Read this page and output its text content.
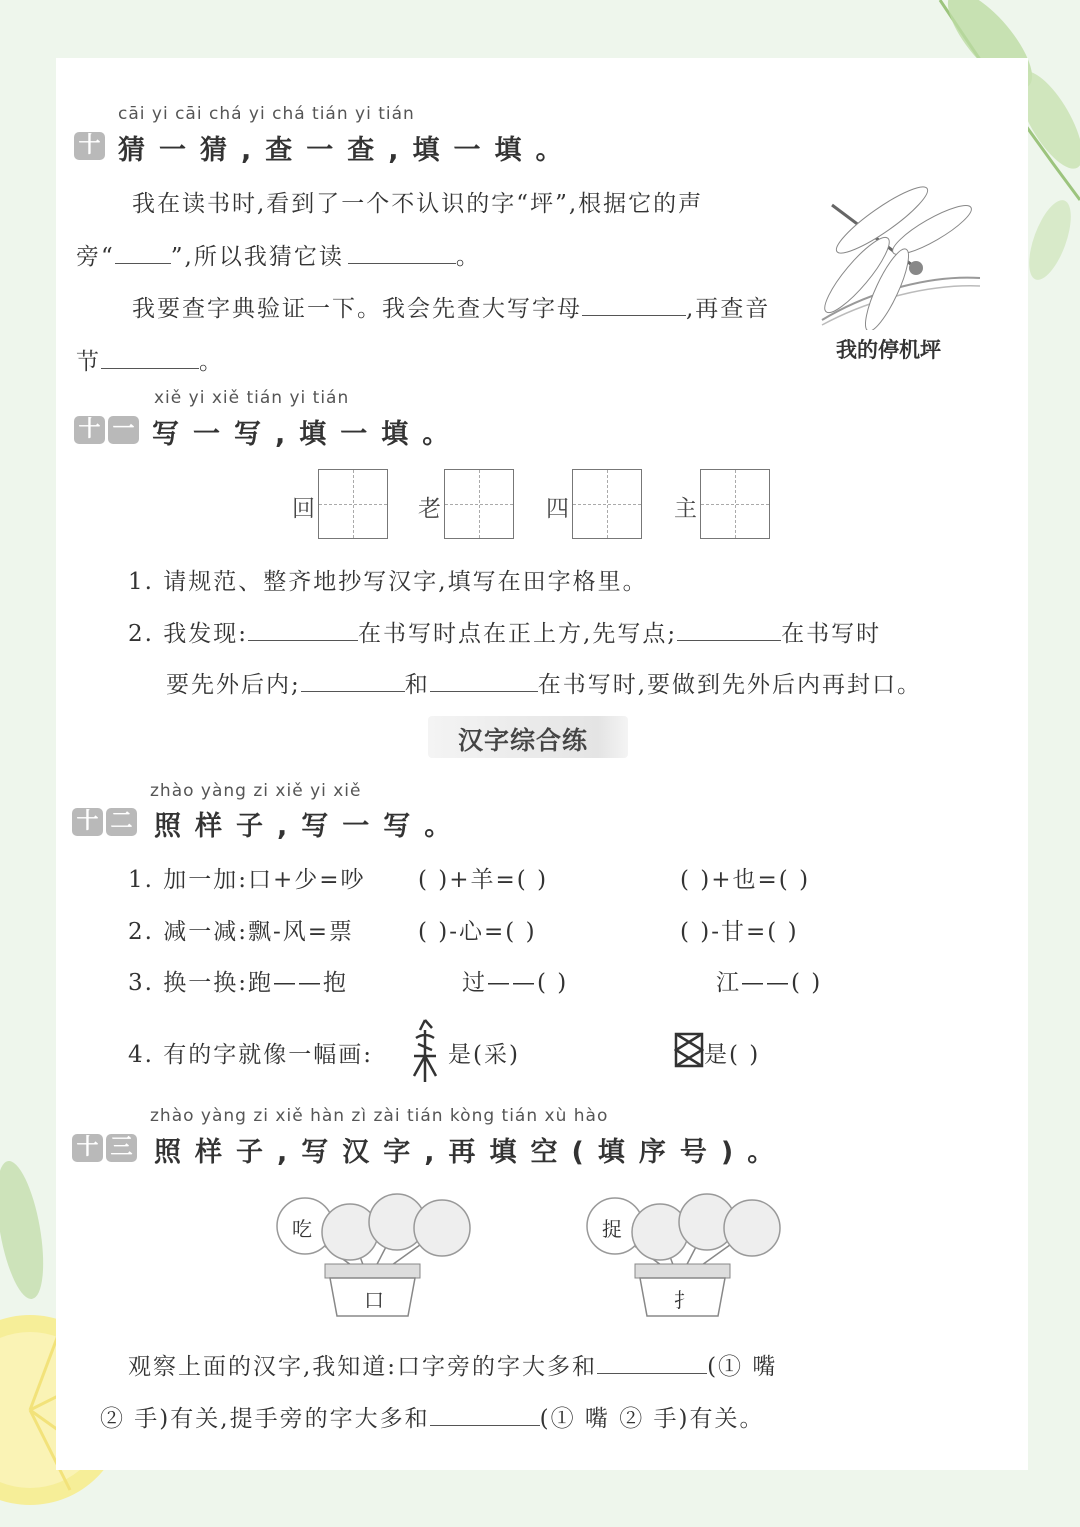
cāi yi cāi chá yi chá tián yi tián
十 猜一猜,查一查,填一填。
我在读书时,看到了一个不认识的字“坪”,根据它的声
旁“ ”,所以我猜它读	。
我要查字典验证一下。我会先查大写字母	,再查音
节	。	我的停机坪
xiě yi xiě tián yi tián
十 一 写一写,填一填。
回	老	四	主
1. 请规范、整齐地抄写汉字,填写在田字格里。
2. 我发现:	在书写时点在正上方,先写点;	在书写时
要先外后内;	和	在书写时,要做到先外后内再封口。
汉字综合练
zhào yàng zi xiě yi xiě
十 二 照样子,写一写。
1. 加一加:口+少=吵 ( )+羊=( )	( )+也=( )
2. 减一减:飘-风=票	( )-心=( )	( )-甘=( )
3. 换一换:跑——抱	过——( )	江——( )
4. 有的字就像一幅画:	是(采)	是( )
zhào yàng zi xiě hàn zì zài tián kòng tián xù hào
十 三 照样子,写汉字,再填空(填序号)。
吃
口
捉
扌
观察上面的汉字,我知道:口字旁的字大多和	(① 嘴
② 手)有关,提手旁的字大多和	(① 嘴 ② 手)有关。
